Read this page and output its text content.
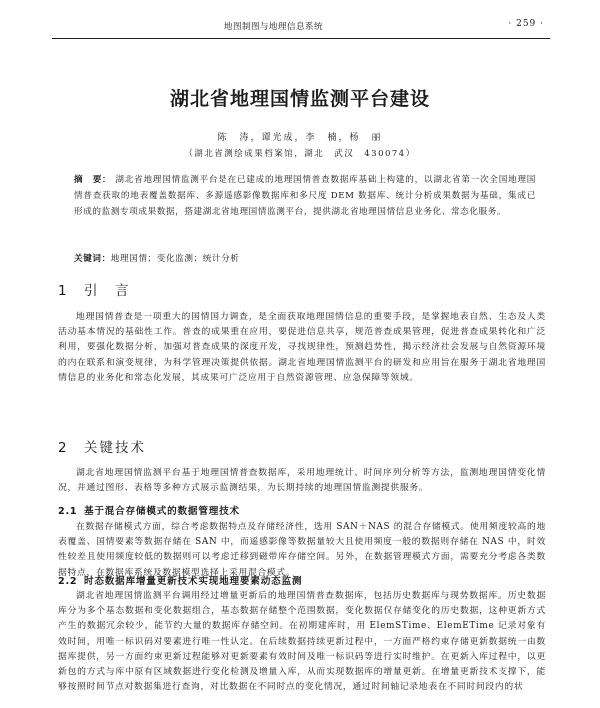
地图制图与地理信息系统	· 259 ·
湖北省地理国情监测平台建设
陈　涛，谭光成，李　楠，杨　丽
（湖北省测绘成果档案馆，湖北　武汉　430074）
摘　要： 湖北省地理国情监测平台是在已建成的地理国情普查数据库基础上构建的，以湖北省第一次全国地理国情普查获取的地表覆盖数据库、多源遥感影像数据库和多尺度 DEM 数据库、统计分析成果数据为基础，集成已形成的监测专项成果数据，搭建湖北省地理国情监测平台，提供湖北省地理国情信息业务化、常态化服务。
关键词：地理国情；变化监测；统计分析
1 引　言

地理国情普查是一项重大的国情国力调查，是全面获取地理国情信息的重要手段，是掌握地表自然、生态及人类活动基本情况的基础性工作。普查的成果重在应用，要促进信息共享，规范普查成果管理，促进普查成果转化和广泛利用，要强化数据分析，加强对普查成果的深度开发，寻找规律性，预测趋势性，揭示经济社会发展与自然资源环境的内在联系和演变规律，为科学管理决策提供依据。湖北省地理国情监测平台的研发和应用旨在服务于湖北省地理国情信息的业务化和常态化发展，其成果可广泛应用于自然资源管理、应急保障等领域。

2 关键技术

湖北省地理国情监测平台基于地理国情普查数据库，采用地理统计、时间序列分析等方法，监测地理国情变化情况，并通过图形、表格等多种方式展示监测结果，为长期持续的地理国情监测提供服务。

2.1 基于混合存储模式的数据管理技术

在数据存储模式方面，综合考虑数据特点及存储经济性，选用 SAN＋NAS 的混合存储模式。使用频度较高的地表覆盖、国情要素等数据存储在 SAN 中，而遥感影像等数据量较大且使用频度一般的数据则存储在 NAS 中，时效性较差且使用频度较低的数据则可以考虑迁移到磁带库存储空间。另外，在数据管理模式方面，需要充分考虑各类数据特点，在数据库系统及数据模型选择上采用混合模式。

2.2 时态数据库增量更新技术实现地理要素动态监测

湖北省地理国情监测平台调用经过增量更新后的地理国情普查数据库，包括历史数据库与现势数据库。历史数据库分为多个基态数据和变化数据组合，基态数据存储整个范围数据，变化数据仅存储变化的历史数据，这种更新方式产生的数据冗余较少，能节约大量的数据库存储空间。在初期建库时，用 ElemSTime、ElemETime 记录对象有效时间，用唯一标识码对要素进行唯一性认定。在后续数据持续更新过程中，一方面严格约束存储更新数据统一由数据库提供，另一方面约束更新过程能够对更新要素有效时间及唯一标识码等进行实时维护。在更新入库过程中，以更新包的方式与库中原有区域数据进行变化检测及增量入库，从而实现数据库的增量更新。在增量更新技术支撑下，能够按照时间节点对数据集进行查询，对比数据在不同时点的变化情况，通过时间轴记录地表在不同时间段内的状
